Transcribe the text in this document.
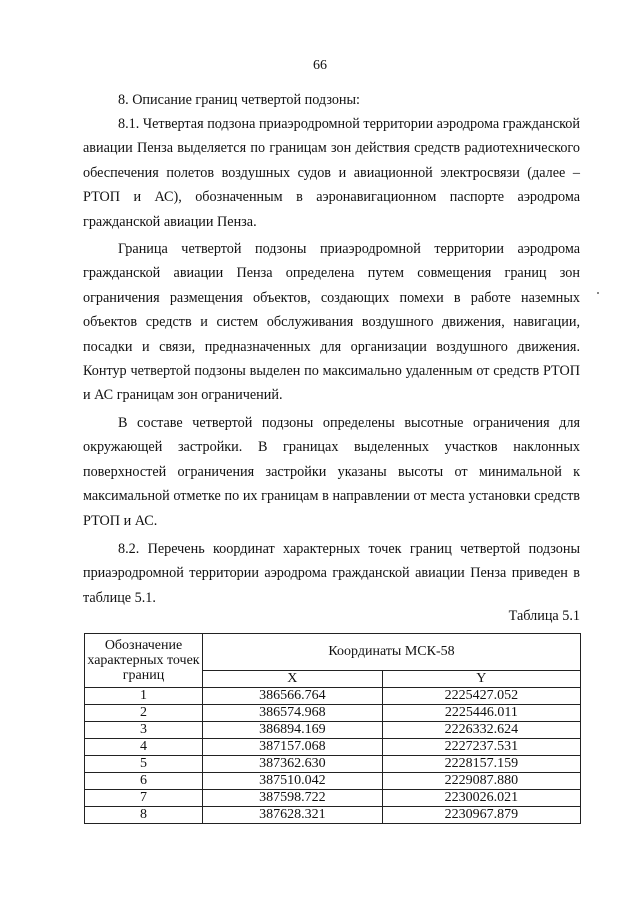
66

8. Описание границ четвертой подзоны:

8.1. Четвертая подзона приаэродромной территории аэродрома гражданской авиации Пенза выделяется по границам зон действия средств радиотехнического обеспечения полетов воздушных судов и авиационной электросвязи (далее – РТОП и АС), обозначенным в аэронавигационном паспорте аэродрома гражданской авиации Пенза.

Граница четвертой подзоны приаэродромной территории аэродрома гражданской авиации Пенза определена путем совмещения границ зон ограничения размещения объектов, создающих помехи в работе наземных объектов средств и систем обслуживания воздушного движения, навигации, посадки и связи, предназначенных для организации воздушного движения. Контур четвертой подзоны выделен по максимально удаленным от средств РТОП и АС границам зон ограничений.

В составе четвертой подзоны определены высотные ограничения для окружающей застройки. В границах выделенных участков наклонных поверхностей ограничения застройки указаны высоты от минимальной к максимальной отметке по их границам в направлении от места установки средств РТОП и АС.

8.2. Перечень координат характерных точек границ четвертой подзоны приаэродромной территории аэродрома гражданской авиации Пенза приведен в таблице 5.1.

Таблица 5.1
Обозначение характерных точек границ	Координаты МСК-58	
	X	Y
1	386566.764	2225427.052
2	386574.968	2225446.011
3	386894.169	2226332.624
4	387157.068	2227237.531
5	387362.630	2228157.159
6	387510.042	2229087.880
7	387598.722	2230026.021
8	387628.321	2230967.879
